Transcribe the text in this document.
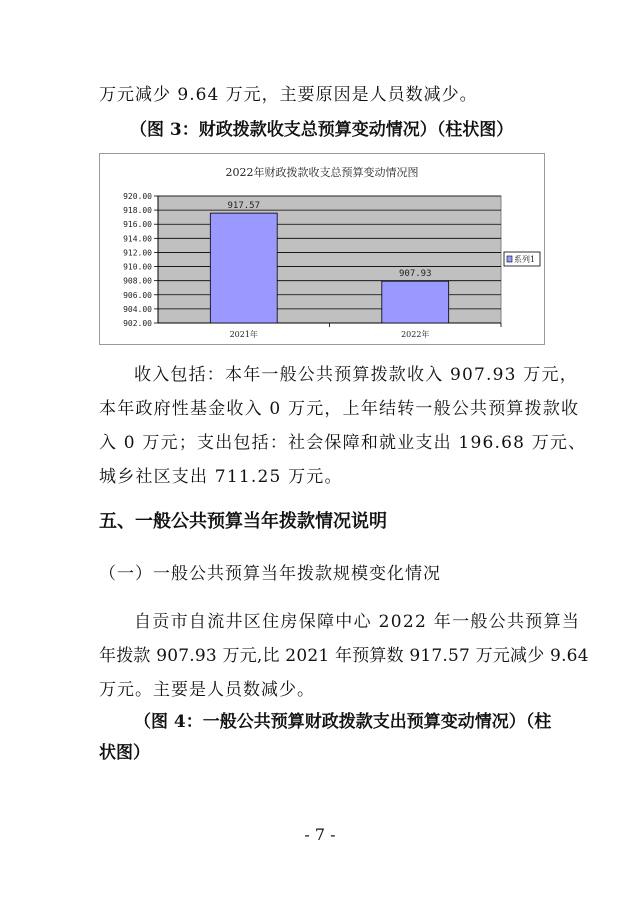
万元减少 9.64 万元，主要原因是人员数减少。
（图 3：财政拨款收支总预算变动情况）（柱状图）
2022年财政拨款收支总预算变动情况图
902.00
904.00
906.00
908.00
910.00
912.00
914.00
916.00
918.00
920.00
917.57
2021年
907.93
2022年
系列1
收入包括：本年一般公共预算拨款收入 907.93 万元，
本年政府性基金收入 0 万元，上年结转一般公共预算拨款收
入 0 万元；支出包括：社会保障和就业支出 196.68 万元、
城乡社区支出 711.25 万元。
五、一般公共预算当年拨款情况说明
（一）一般公共预算当年拨款规模变化情况
自贡市自流井区住房保障中心 2022 年一般公共预算当
年拨款 907.93 万元,比 2021 年预算数 917.57 万元减少 9.64
万元。主要是人员数减少。
（图 4：一般公共预算财政拨款支出预算变动情况）（柱
状图）
- 7 -
